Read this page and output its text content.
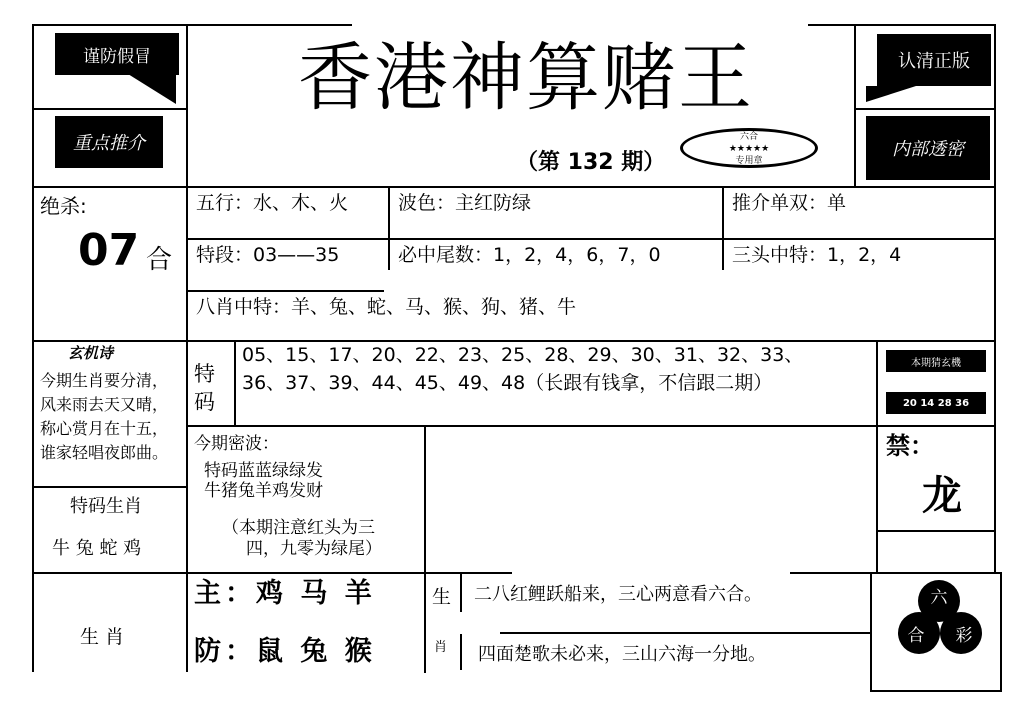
谨防假冒
重点推介
香港神算赌王
（第 132 期）
六合
★★★★★
专用章
认清正版
内部透密
绝杀:
07 合
五行：水、木、火	波色：主红防绿	推介单双：单
特段：03——35	必中尾数：1，2，4，6，7，0	三头中特：1，2，4
八肖中特：羊、兔、蛇、马、猴、狗、猪、牛
玄机诗
今期生肖要分清，
风来雨去天又晴，
称心赏月在十五，
谁家轻唱夜郎曲。
特码
05、15、17、20、22、23、25、28、29、30、31、32、33、
36、37、39、44、45、49、48（长跟有钱拿，不信跟二期）
本期猜玄機
20 14 28 36
今期密波：
特码蓝蓝绿绿发
牛猪兔羊鸡发财
（本期注意红头为三
四，九零为绿尾）
特码生肖
牛 兔 蛇 鸡
禁：
龙
生 肖
主：鸡 马 羊
防：鼠 兔 猴
生
肖
二八红鲤跃船来，三心两意看六合。
四面楚歌未必来，三山六海一分地。
六
合 彩
